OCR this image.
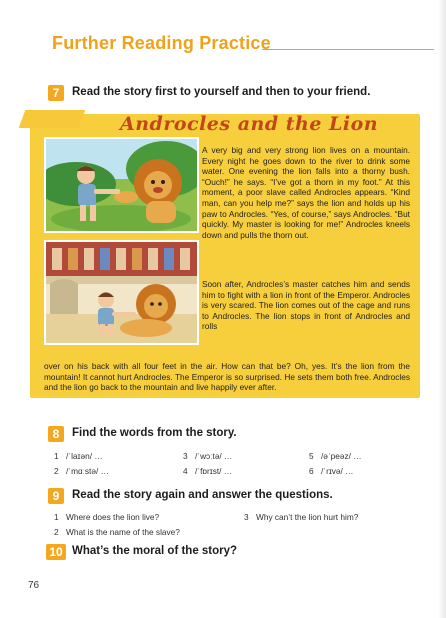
Further Reading Practice
7	Read the story first to yourself and then to your friend.
Androcles and the Lion
A very big and very strong lion lives on a mountain. Every night he goes down to the river to drink some water. One evening the lion falls into a thorny bush. “Ouch!” he says. “I’ve got a thorn in my foot.” At this moment, a poor slave called Androcles appears. “Kind man, can you help me?” says the lion and holds up his paw to Androcles. “Yes, of course,” says Androcles. “But quickly. My master is looking for me!” Androcles kneels down and pulls the thorn out.
Soon after, Androcles’s master catches him and sends him to fight with a lion in front of the Emperor. Androcles is very scared. The lion comes out of the cage and runs to Androcles. The lion stops in front of Androcles and rolls
over on his back with all four feet in the air. How can that be? Oh, yes. It’s the lion from the mountain! It cannot hurt Androcles. The Emperor is so surprised. He sets them both free. Androcles and the lion go back to the mountain and live happily ever after.
8	Find the words from the story.
1 /ˈlaɪən/ …	3 /ˈwɔːtə/ …	5 /əˈpeəz/ …
2 /ˈmɑːstə/ …	4 /ˈfɒrɪst/ …	6 /ˈrɪvə/ …
9	Read the story again and answer the questions.
1 Where does the lion live?	3 Why can’t the lion hurt him?
2 What is the name of the slave?
10 What’s the moral of the story?
76
